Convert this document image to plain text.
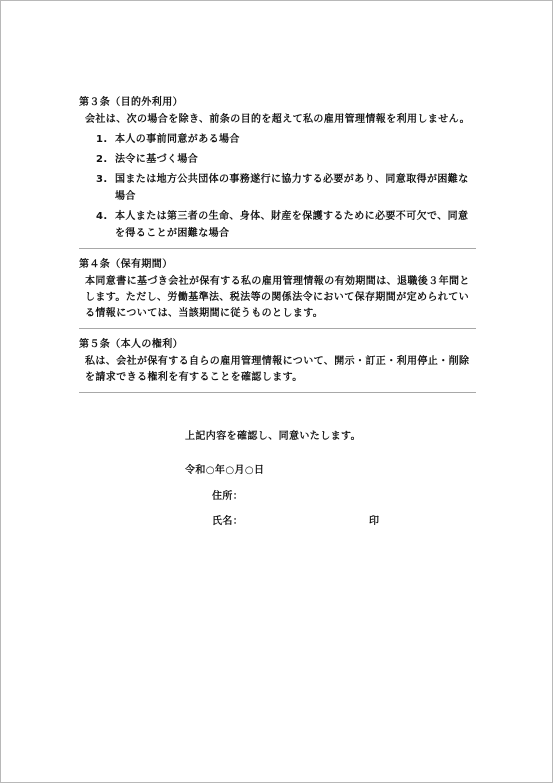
第３条（目的外利用）

会社は、次の場合を除き、前条の目的を超えて私の雇用管理情報を利用しません。

1. 本人の事前同意がある場合
2. 法令に基づく場合
3. 国または地方公共団体の事務遂行に協力する必要があり、同意取得が困難な場合
4. 本人または第三者の生命、身体、財産を保護するために必要不可欠で、同意を得ることが困難な場合

第４条（保有期間）

本同意書に基づき会社が保有する私の雇用管理情報の有効期間は、退職後３年間とします。ただし、労働基準法、税法等の関係法令において保存期間が定められている情報については、当該期間に従うものとします。

第５条（本人の権利）

私は、会社が保有する自らの雇用管理情報について、開示・訂正・利用停止・削除を請求できる権利を有することを確認します。

上記内容を確認し、同意いたします。
令和○年○月○日
住所：
氏名：	印
